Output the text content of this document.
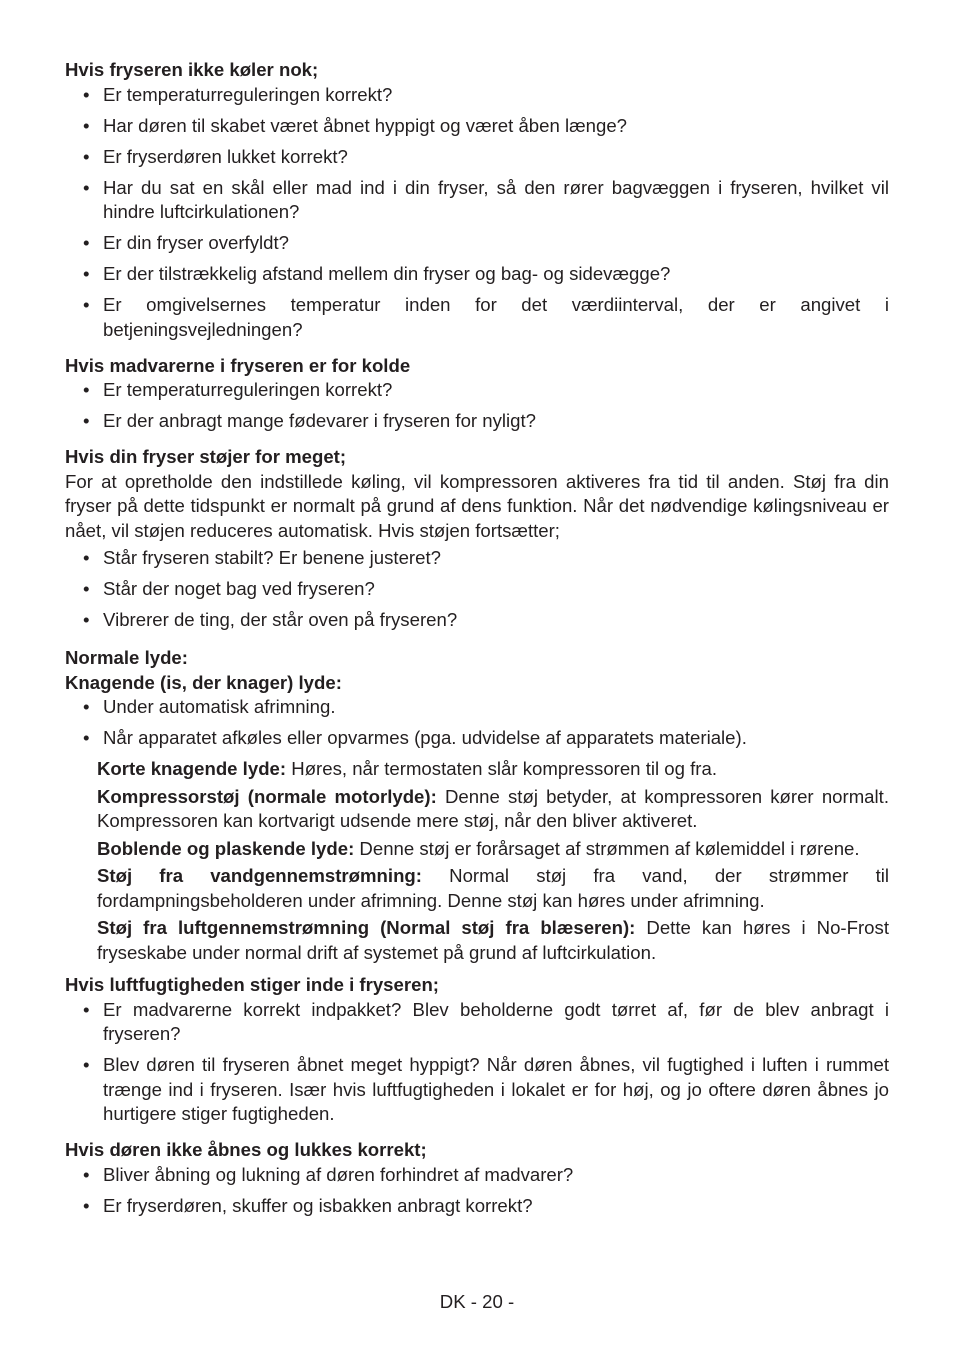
Hvis fryseren ikke køler nok;

• Er temperaturreguleringen korrekt?
• Har døren til skabet været åbnet hyppigt og været åben længe?
• Er fryserdøren lukket korrekt?
• Har du sat en skål eller mad ind i din fryser, så den rører bagvæggen i fryseren, hvilket vil hindre luftcirkulationen?
• Er din fryser overfyldt?
• Er der tilstrækkelig afstand mellem din fryser og bag- og sidevægge?
• Er omgivelsernes temperatur inden for det værdiinterval, der er angivet i betjeningsvejledningen?

Hvis madvarerne i fryseren er for kolde

• Er temperaturreguleringen korrekt?
• Er der anbragt mange fødevarer i fryseren for nyligt?

Hvis din fryser støjer for meget;

For at opretholde den indstillede køling, vil kompressoren aktiveres fra tid til anden. Støj fra din fryser på dette tidspunkt er normalt på grund af dens funktion. Når det nødvendige kølingsniveau er nået, vil støjen reduceres automatisk. Hvis støjen fortsætter;

• Står fryseren stabilt? Er benene justeret?
• Står der noget bag ved fryseren?
• Vibrerer de ting, der står oven på fryseren?

Normale lyde:

Knagende (is, der knager) lyde:

• Under automatisk afrimning.
• Når apparatet afkøles eller opvarmes (pga. udvidelse af apparatets materiale).

Korte knagende lyde: Høres, når termostaten slår kompressoren til og fra.

Kompressorstøj (normale motorlyde): Denne støj betyder, at kompressoren kører normalt. Kompressoren kan kortvarigt udsende mere støj, når den bliver aktiveret.

Boblende og plaskende lyde: Denne støj er forårsaget af strømmen af kølemiddel i rørene.

Støj fra vandgennemstrømning: Normal støj fra vand, der strømmer til fordampningsbeholderen under afrimning. Denne støj kan høres under afrimning.

Støj fra luftgennemstrømning (Normal støj fra blæseren): Dette kan høres i No-Frost fryseskabe under normal drift af systemet på grund af luftcirkulation.

Hvis luftfugtigheden stiger inde i fryseren;

• Er madvarerne korrekt indpakket? Blev beholderne godt tørret af, før de blev anbragt i fryseren?
• Blev døren til fryseren åbnet meget hyppigt? Når døren åbnes, vil fugtighed i luften i rummet trænge ind i fryseren. Især hvis luftfugtigheden i lokalet er for høj, og jo oftere døren åbnes jo hurtigere stiger fugtigheden.

Hvis døren ikke åbnes og lukkes korrekt;

• Bliver åbning og lukning af døren forhindret af madvarer?
• Er fryserdøren, skuffer og isbakken anbragt korrekt?
DK - 20 -
